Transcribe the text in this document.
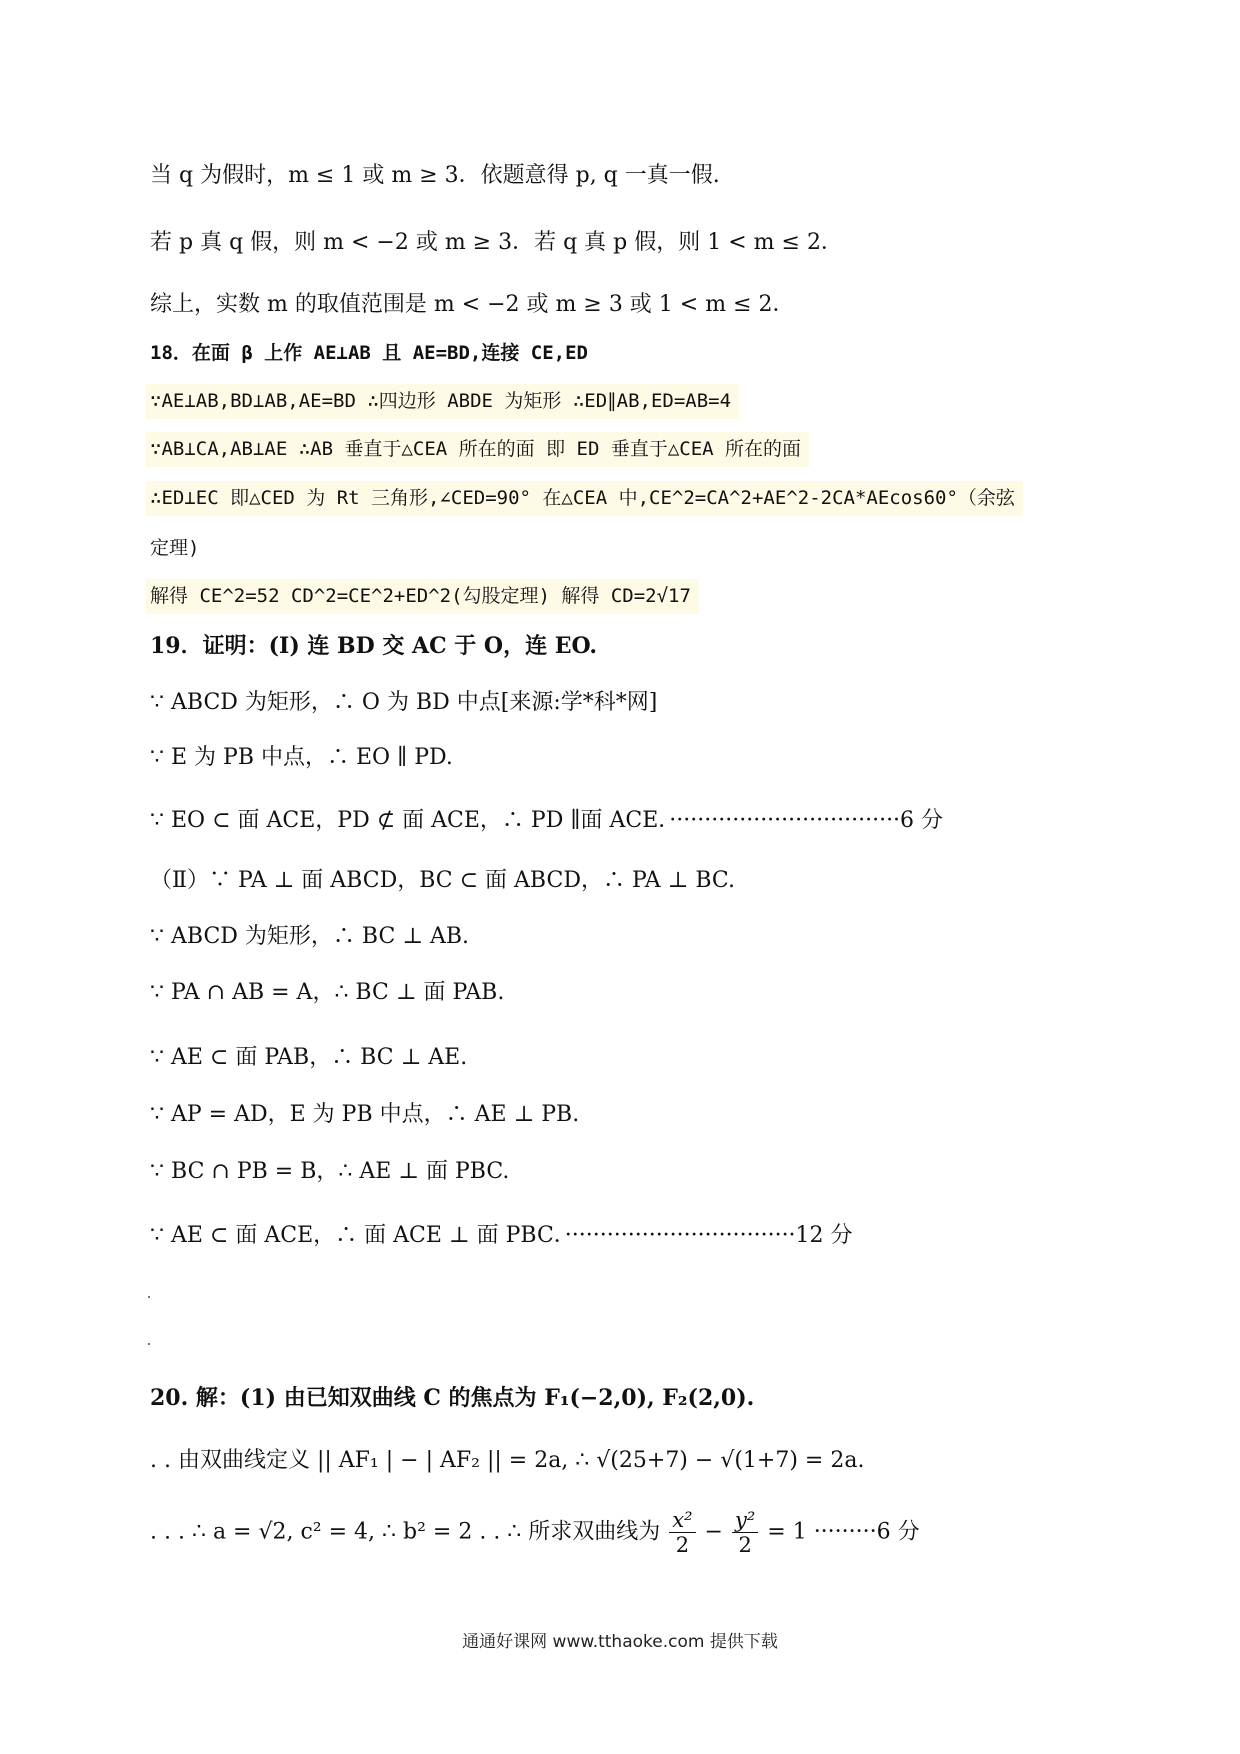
当 q 为假时，m ≤ 1 或 m ≥ 3．依题意得 p, q 一真一假.
若 p 真 q 假，则 m < −2 或 m ≥ 3．若 q 真 p 假，则 1 < m ≤ 2．
综上，实数 m 的取值范围是 m < −2 或 m ≥ 3 或 1 < m ≤ 2．
18．在面 β 上作 AE⊥AB 且 AE=BD,连接 CE,ED
∵AE⊥AB,BD⊥AB,AE=BD ∴四边形 ABDE 为矩形 ∴ED∥AB,ED=AB=4
∵AB⊥CA,AB⊥AE ∴AB 垂直于△CEA 所在的面 即 ED 垂直于△CEA 所在的面
∴ED⊥EC 即△CED 为 Rt 三角形,∠CED=90° 在△CEA 中,CE^2=CA^2+AE^2-2CA*AEcos60°（余弦
定理)
解得 CE^2=52 CD^2=CE^2+ED^2(勾股定理) 解得 CD=2√17
19．证明：(Ⅰ) 连 BD 交 AC 于 O，连 EO.
∵ ABCD 为矩形，∴ O 为 BD 中点[来源:学*科*网]
∵ E 为 PB 中点，∴ EO ∥ PD.
∵ EO ⊂ 面 ACE，PD ⊄ 面 ACE，∴ PD ∥面 ACE．·································6 分
（Ⅱ）∵ PA ⊥ 面 ABCD，BC ⊂ 面 ABCD，∴ PA ⊥ BC.
∵ ABCD 为矩形，∴ BC ⊥ AB.
∵ PA ∩ AB = A，∴ BC ⊥ 面 PAB.
∵ AE ⊂ 面 PAB，∴ BC ⊥ AE.
∵ AP = AD，E 为 PB 中点，∴ AE ⊥ PB.
∵ BC ∩ PB = B，∴ AE ⊥ 面 PBC.
∵ AE ⊂ 面 ACE，∴ 面 ACE ⊥ 面 PBC．·································12 分
20. 解：(1) 由已知双曲线 C 的焦点为 F₁(−2,0), F₂(2,0).
. . 由双曲线定义 || AF₁ | − | AF₂ || = 2a, ∴ √(25+7) − √(1+7) = 2a.
. . . ∴ a = √2, c² = 4, ∴ b² = 2 . . ∴ 所求双曲线为 $\frac{\text{x²}}{2} - \frac{\text{y²}}{2} = 1 \cdot\cdot\cdot\cdot\cdot\cdot\cdot\cdot\cdot 6$ 分
通通好课网 www.tthaoke.com 提供下载
